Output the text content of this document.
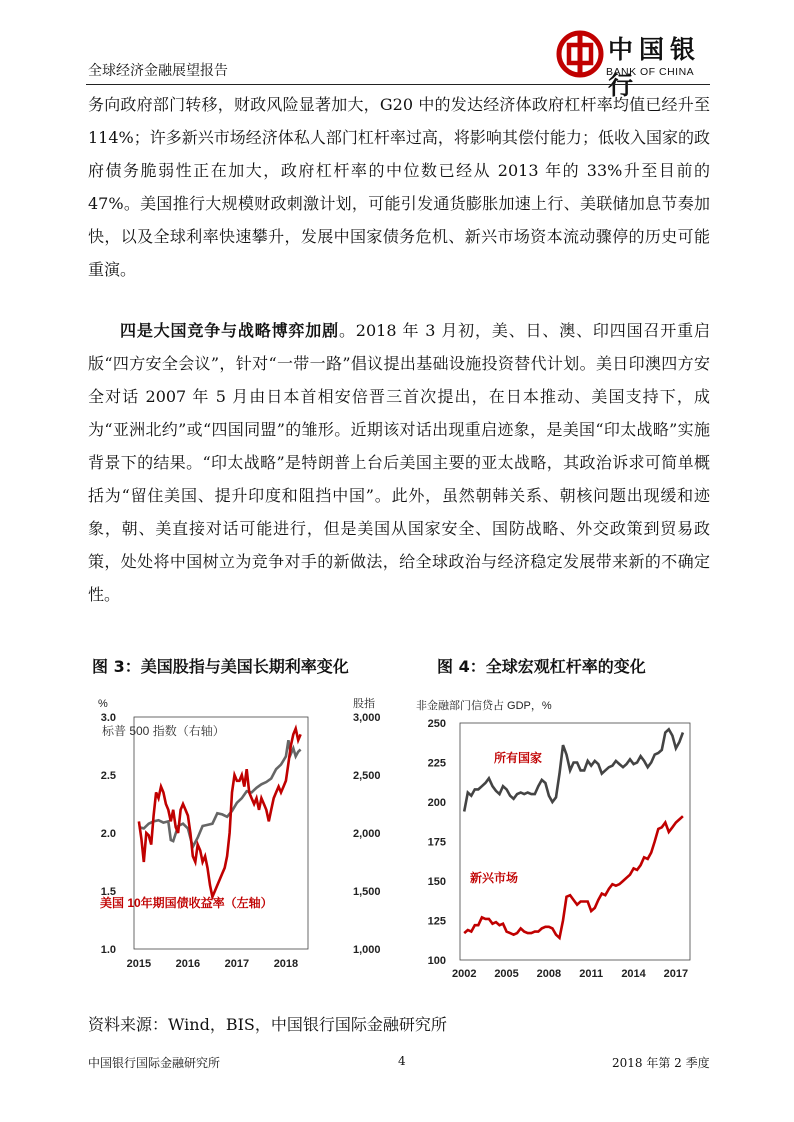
全球经济金融展望报告
中国银行
BANK OF CHINA

务向政府部门转移，财政风险显著加大，G20 中的发达经济体政府杠杆率均值已经升至 114%；许多新兴市场经济体私人部门杠杆率过高，将影响其偿付能力；低收入国家的政府债务脆弱性正在加大，政府杠杆率的中位数已经从 2013 年的 33%升至目前的 47%。美国推行大规模财政刺激计划，可能引发通货膨胀加速上行、美联储加息节奏加快，以及全球利率快速攀升，发展中国家债务危机、新兴市场资本流动骤停的历史可能重演。

四是大国竞争与战略博弈加剧。2018 年 3 月初，美、日、澳、印四国召开重启版“四方安全会议”，针对“一带一路”倡议提出基础设施投资替代计划。美日印澳四方安全对话 2007 年 5 月由日本首相安倍晋三首次提出，在日本推动、美国支持下，成为“亚洲北约”或“四国同盟”的雏形。近期该对话出现重启迹象，是美国“印太战略”实施背景下的结果。“印太战略”是特朗普上台后美国主要的亚太战略，其政治诉求可简单概括为“留住美国、提升印度和阻挡中国”。此外，虽然朝韩关系、朝核问题出现缓和迹象，朝、美直接对话可能进行，但是美国从国家安全、国防战略、外交政策到贸易政策，处处将中国树立为竞争对手的新做法，给全球政治与经济稳定发展带来新的不确定性。

图 3：美国股指与美国长期利率变化	图 4：全球宏观杠杆率的变化
%	股指
标普 500 指数（右轴）
美国 10年期国债收益率（左轴）
1.0
1.5
2.0
2.5
3.0
1,000
1,500
2,000
2,500
3,000
2015 2016 2017 2018
非金融部门信贷占 GDP，%
所有国家
新兴市场
100
125
150
175
200
225
250
2002 2005 2008 2011 2014 2017
资料来源：Wind，BIS，中国银行国际金融研究所
中国银行国际金融研究所	4	2018 年第 2 季度
